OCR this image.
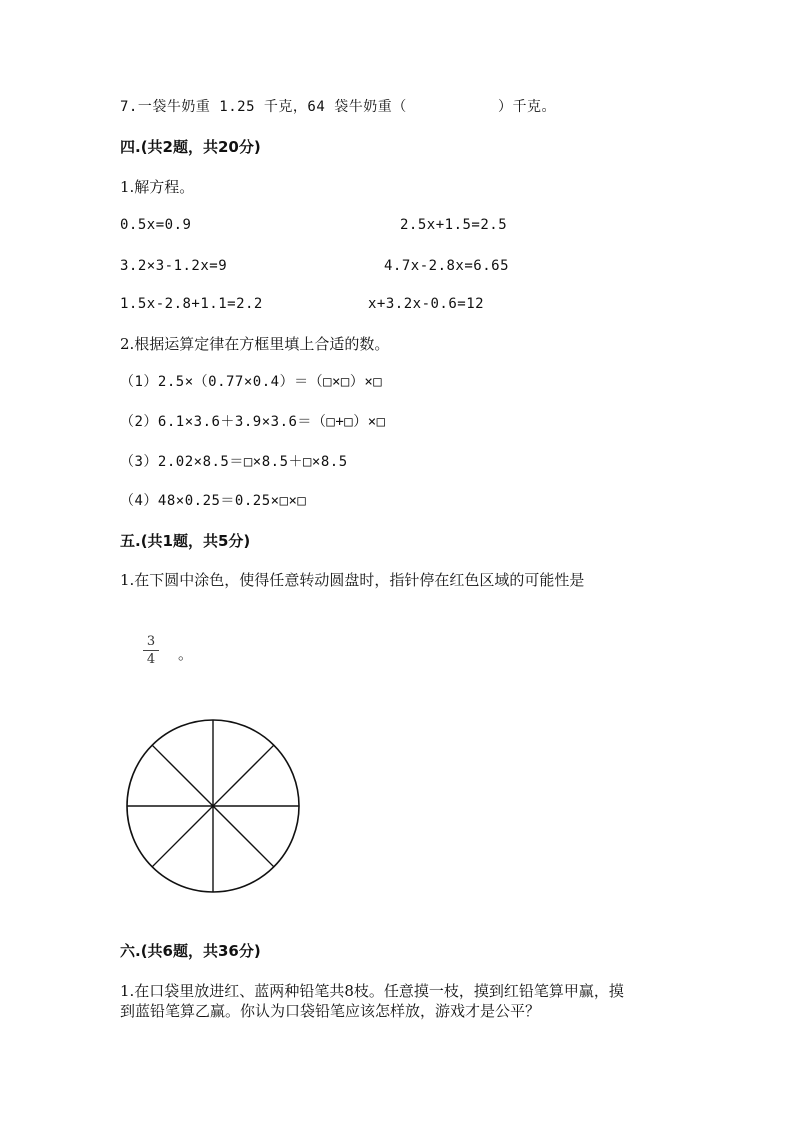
7.一袋牛奶重 1.25 千克，64 袋牛奶重（	）千克。
四.(共2题，共20分)
1.解方程。
0.5x=0.9	2.5x+1.5=2.5
3.2×3-1.2x=9	4.7x-2.8x=6.65
1.5x-2.8+1.1=2.2	x+3.2x-0.6=12
2.根据运算定律在方框里填上合适的数。
（1）2.5×（0.77×0.4）＝（□×□）×□
（2）6.1×3.6＋3.9×3.6＝（□+□）×□
（3）2.02×8.5＝□×8.5＋□×8.5
（4）48×0.25＝0.25×□×□
五.(共1题，共5分)
1.在下圆中涂色，使得任意转动圆盘时，指针停在红色区域的可能性是
3
4	。
六.(共6题，共36分)
1.在口袋里放进红、蓝两种铅笔共8枝。任意摸一枝，摸到红铅笔算甲赢，摸
到蓝铅笔算乙赢。你认为口袋铅笔应该怎样放，游戏才是公平？
